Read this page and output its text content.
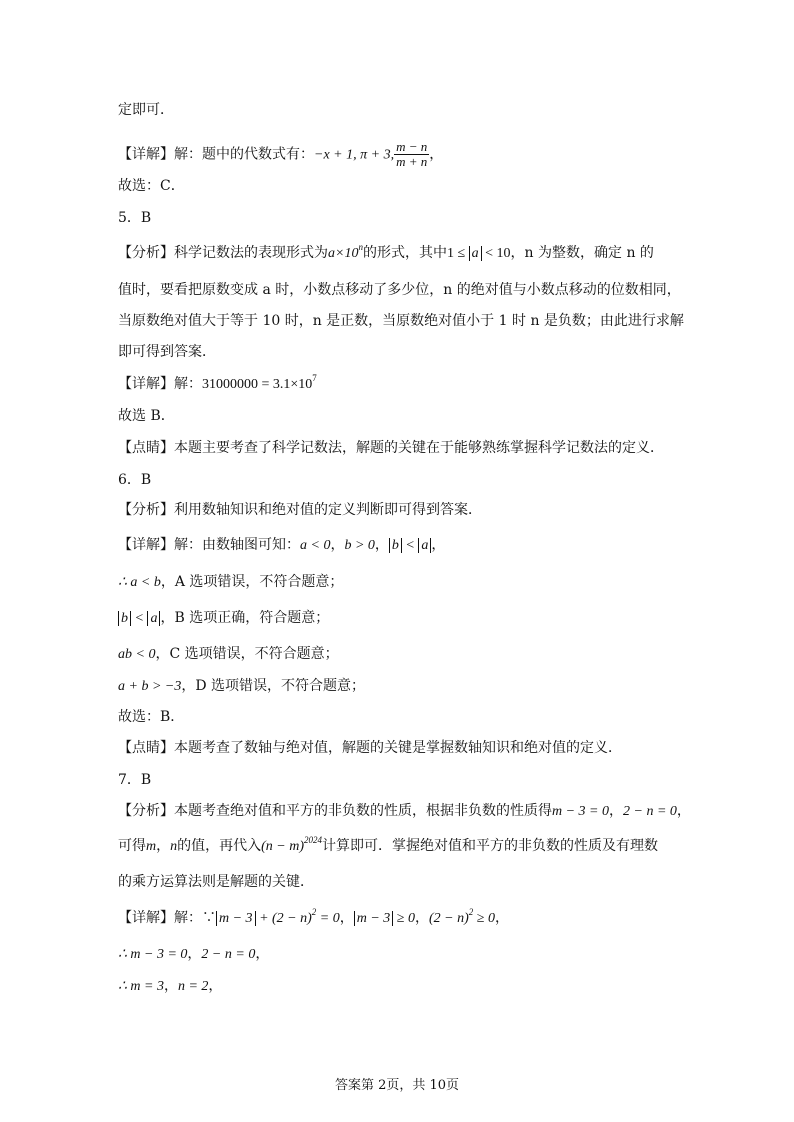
定即可．
【详解】解：题中的代数式有：−x + 1, π + 3, $\frac{m - n}{m + n}$ ，
故选：C．
5．B
【分析】科学记数法的表现形式为$a\times 10^n$的形式，其中1 ≤ a < 10，n 为整数，确定 n 的
值时，要看把原数变成 a 时，小数点移动了多少位，n 的绝对值与小数点移动的位数相同，
当原数绝对值大于等于 10 时，n 是正数，当原数绝对值小于 1 时 n 是负数；由此进行求解
即可得到答案．
【详解】解：$31000000 = 3.1\times 10^7$
故选 B．
【点睛】本题主要考查了科学记数法，解题的关键在于能够熟练掌握科学记数法的定义．
6．B
【分析】利用数轴知识和绝对值的定义判断即可得到答案．
【详解】解：由数轴图可知：a < 0，b > 0， b < a ，
∴ a < b，A 选项错误，不符合题意；
b < a ，B 选项正确，符合题意；
ab < 0，C 选项错误，不符合题意；
a + b > −3，D 选项错误，不符合题意；
故选：B．
【点睛】本题考查了数轴与绝对值，解题的关键是掌握数轴知识和绝对值的定义．
7．B
【分析】本题考查绝对值和平方的非负数的性质，根据非负数的性质得m − 3 = 0，2 − n = 0，
可得m，n的值，再代入$(n - m)^{2024}$计算即可．掌握绝对值和平方的非负数的性质及有理数
的乘方运算法则是解题的关键．
【详解】解：∵ $m - 3 + (2 - n)^2 = 0$， m − 3 ≥ 0，$(2 - n)^2 \ge 0$，
∴ m − 3 = 0，2 − n = 0，
∴ m = 3，n = 2，
答案第 2页，共 10页
